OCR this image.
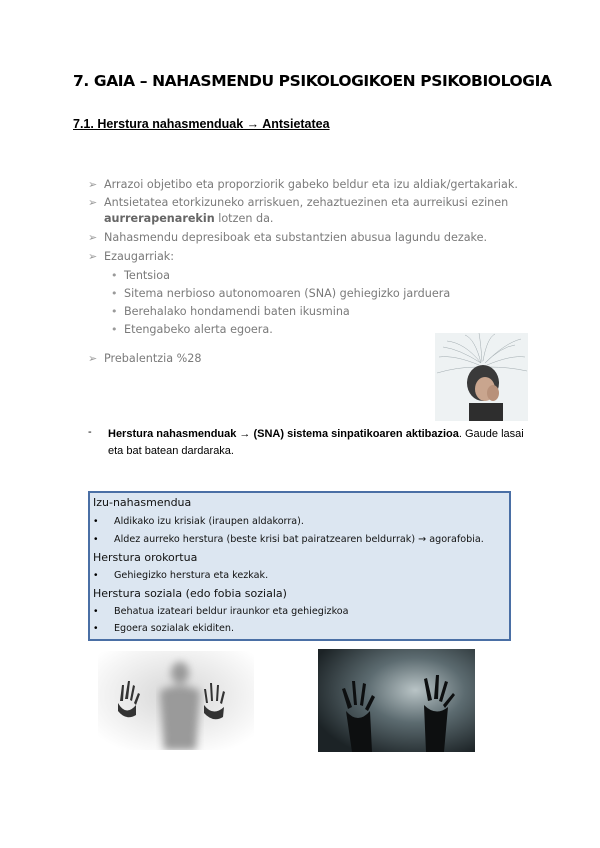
7. GAIA – NAHASMENDU PSIKOLOGIKOEN PSIKOBIOLOGIA
7.1. Herstura nahasmenduak → Antsietatea
➢ Arrazoi objetibo eta proporziorik gabeko beldur eta izu aldiak/gertakariak.
➢ Antsietatea etorkizuneko arriskuen, zehaztuezinen eta aurreikusi ezinen
aurrerapenarekin lotzen da.
➢ Nahasmendu depresiboak eta substantzien abusua lagundu dezake.
➢ Ezaugarriak:
• Tentsioa
• Sitema nerbioso autonomoaren (SNA) gehiegizko jarduera
• Berehalako hondamendi baten ikusmina
• Etengabeko alerta egoera.
➢ Prebalentzia %28
- Herstura nahasmenduak → (SNA) sistema sinpatikoaren aktibazioa. Gaude lasai eta bat batean dardaraka.
Izu-nahasmendua
• Aldikako izu krisiak (iraupen aldakorra).
• Aldez aurreko herstura (beste krisi bat pairatzearen beldurrak) → agorafobia.
Herstura orokortua
• Gehiegizko herstura eta kezkak.
Herstura soziala (edo fobia soziala)
• Behatua izateari beldur iraunkor eta gehiegizkoa
• Egoera sozialak ekiditen.
